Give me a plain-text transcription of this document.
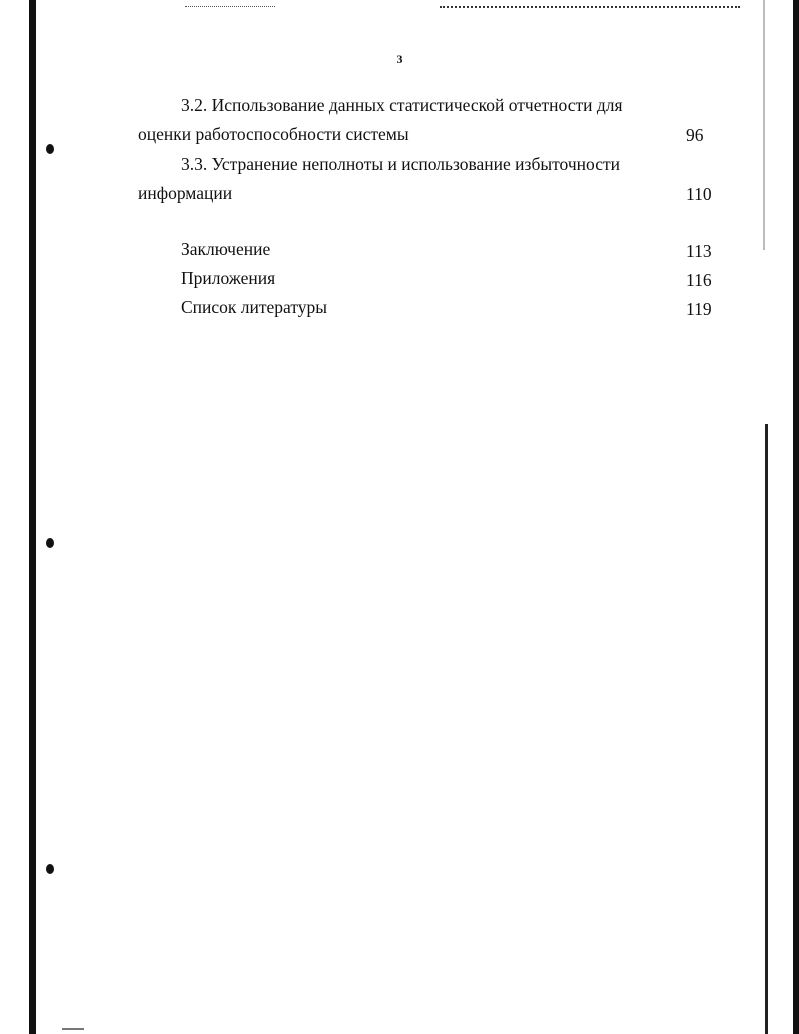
3
3.2. Использование данных статистической отчетности для
оценки работоспособности системы	96
3.3. Устранение неполноты и использование избыточности
информации	110
Заключение	113
Приложения	116
Список литературы	119
